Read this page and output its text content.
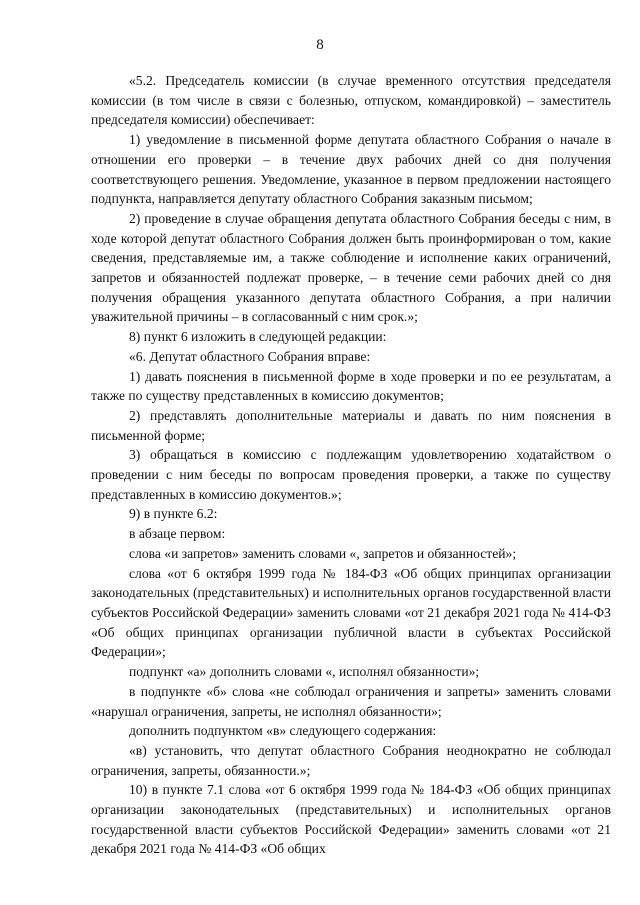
8

«5.2. Председатель комиссии (в случае временного отсутствия председателя комиссии (в том числе в связи с болезнью, отпуском, командировкой) – заместитель председателя комиссии) обеспечивает:

1) уведомление в письменной форме депутата областного Собрания о начале в отношении его проверки – в течение двух рабочих дней со дня получения соответствующего решения. Уведомление, указанное в первом предложении настоящего подпункта, направляется депутату областного Собрания заказным письмом;

2) проведение в случае обращения депутата областного Собрания беседы с ним, в ходе которой депутат областного Собрания должен быть проинформирован о том, какие сведения, представляемые им, а также соблюдение и исполнение каких ограничений, запретов и обязанностей подлежат проверке, – в течение семи рабочих дней со дня получения обращения указанного депутата областного Собрания, а при наличии уважительной причины – в согласованный с ним срок.»;

8) пункт 6 изложить в следующей редакции:

«6. Депутат областного Собрания вправе:

1) давать пояснения в письменной форме в ходе проверки и по ее результатам, а также по существу представленных в комиссию документов;

2) представлять дополнительные материалы и давать по ним пояснения в письменной форме;

3) обращаться в комиссию с подлежащим удовлетворению ходатайством о проведении с ним беседы по вопросам проведения проверки, а также по существу представленных в комиссию документов.»;

9) в пункте 6.2:

в абзаце первом:

слова «и запретов» заменить словами «, запретов и обязанностей»;

слова «от 6 октября 1999 года № 184-ФЗ «Об общих принципах организации законодательных (представительных) и исполнительных органов государственной власти субъектов Российской Федерации» заменить словами «от 21 декабря 2021 года № 414-ФЗ «Об общих принципах организации публичной власти в субъектах Российской Федерации»;

подпункт «а» дополнить словами «, исполнял обязанности»;

в подпункте «б» слова «не соблюдал ограничения и запреты» заменить словами «нарушал ограничения, запреты, не исполнял обязанности»;

дополнить подпунктом «в» следующего содержания:

«в) установить, что депутат областного Собрания неоднократно не соблюдал ограничения, запреты, обязанности.»;

10) в пункте 7.1 слова «от 6 октября 1999 года № 184-ФЗ «Об общих принципах организации законодательных (представительных) и исполнительных органов государственной власти субъектов Российской Федерации» заменить словами «от 21 декабря 2021 года № 414-ФЗ «Об общих
